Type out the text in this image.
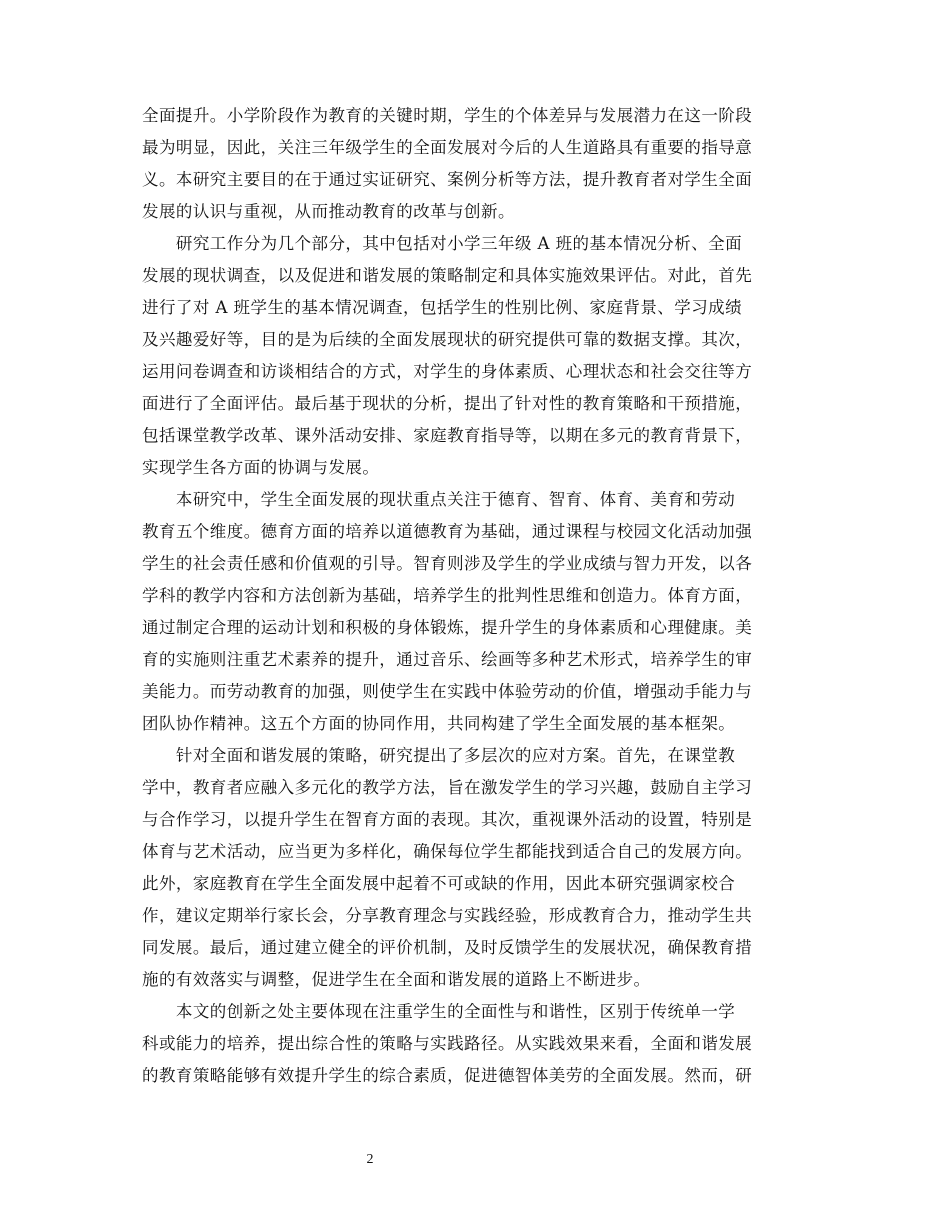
全面提升。小学阶段作为教育的关键时期，学生的个体差异与发展潜力在这一阶段

最为明显，因此，关注三年级学生的全面发展对今后的人生道路具有重要的指导意

义。本研究主要目的在于通过实证研究、案例分析等方法，提升教育者对学生全面

发展的认识与重视，从而推动教育的改革与创新。

　　研究工作分为几个部分，其中包括对小学三年级 A 班的基本情况分析、全面

发展的现状调查，以及促进和谐发展的策略制定和具体实施效果评估。对此，首先

进行了对 A 班学生的基本情况调查，包括学生的性别比例、家庭背景、学习成绩

及兴趣爱好等，目的是为后续的全面发展现状的研究提供可靠的数据支撑。其次，

运用问卷调查和访谈相结合的方式，对学生的身体素质、心理状态和社会交往等方

面进行了全面评估。最后基于现状的分析，提出了针对性的教育策略和干预措施，

包括课堂教学改革、课外活动安排、家庭教育指导等，以期在多元的教育背景下，

实现学生各方面的协调与发展。

　　本研究中，学生全面发展的现状重点关注于德育、智育、体育、美育和劳动

教育五个维度。德育方面的培养以道德教育为基础，通过课程与校园文化活动加强

学生的社会责任感和价值观的引导。智育则涉及学生的学业成绩与智力开发，以各

学科的教学内容和方法创新为基础，培养学生的批判性思维和创造力。体育方面，

通过制定合理的运动计划和积极的身体锻炼，提升学生的身体素质和心理健康。美

育的实施则注重艺术素养的提升，通过音乐、绘画等多种艺术形式，培养学生的审

美能力。而劳动教育的加强，则使学生在实践中体验劳动的价值，增强动手能力与

团队协作精神。这五个方面的协同作用，共同构建了学生全面发展的基本框架。

　　针对全面和谐发展的策略，研究提出了多层次的应对方案。首先，在课堂教

学中，教育者应融入多元化的教学方法，旨在激发学生的学习兴趣，鼓励自主学习

与合作学习，以提升学生在智育方面的表现。其次，重视课外活动的设置，特别是

体育与艺术活动，应当更为多样化，确保每位学生都能找到适合自己的发展方向。

此外，家庭教育在学生全面发展中起着不可或缺的作用，因此本研究强调家校合

作，建议定期举行家长会，分享教育理念与实践经验，形成教育合力，推动学生共

同发展。最后，通过建立健全的评价机制，及时反馈学生的发展状况，确保教育措

施的有效落实与调整，促进学生在全面和谐发展的道路上不断进步。

　　本文的创新之处主要体现在注重学生的全面性与和谐性，区别于传统单一学

科或能力的培养，提出综合性的策略与实践路径。从实践效果来看，全面和谐发展

的教育策略能够有效提升学生的综合素质，促进德智体美劳的全面发展。然而，研

2
